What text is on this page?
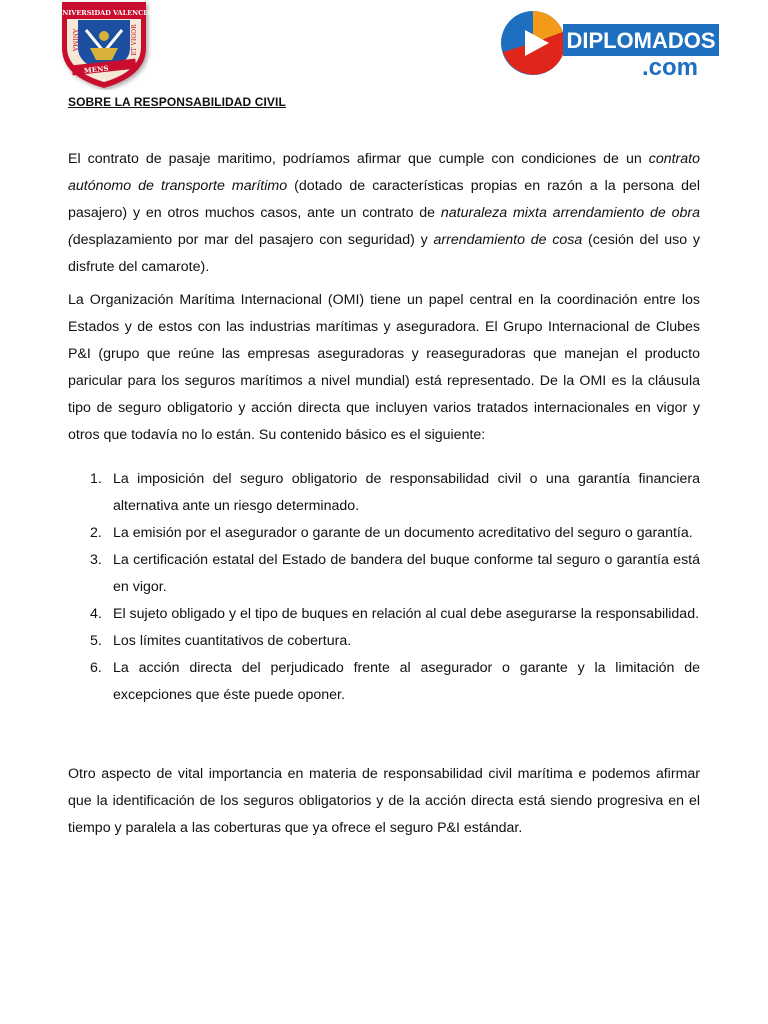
UNIVERSIDAD VALENCIA
ANIMA	ET VIGOR
MENS
DIPLOMADOS
.com
SOBRE LA RESPONSABILIDAD CIVIL
El contrato de pasaje maritimo, podríamos afirmar que cumple con condiciones de un contrato autónomo de transporte marítimo (dotado de características propias en razón a la persona del pasajero) y en otros muchos casos, ante un contrato de naturaleza mixta arrendamiento de obra (desplazamiento por mar del pasajero con seguridad) y arrendamiento de cosa (cesión del uso y disfrute del camarote).
La Organización Marítima Internacional (OMI) tiene un papel central en la coordinación entre los Estados y de estos con las industrias marítimas y aseguradora. El Grupo Internacional de Clubes P&I (grupo que reúne las empresas aseguradoras y reaseguradoras que manejan el producto paricular para los seguros marítimos a nivel mundial) está representado. De la OMI es la cláusula tipo de seguro obligatorio y acción directa que incluyen varios tratados internacionales en vigor y otros que todavía no lo están. Su contenido básico es el siguiente:
1. La imposición del seguro obligatorio de responsabilidad civil o una garantía financiera alternativa ante un riesgo determinado.
2. La emisión por el asegurador o garante de un documento acreditativo del seguro o garantía.
3. La certificación estatal del Estado de bandera del buque conforme tal seguro o garantía está en vigor.
4. El sujeto obligado y el tipo de buques en relación al cual debe asegurarse la responsabilidad.
5. Los límites cuantitativos de cobertura.
6. La acción directa del perjudicado frente al asegurador o garante y la limitación de excepciones que éste puede oponer.
Otro aspecto de vital importancia en materia de responsabilidad civil marítima e podemos afirmar que la identificación de los seguros obligatorios y de la acción directa está siendo progresiva en el tiempo y paralela a las coberturas que ya ofrece el seguro P&I estándar.
